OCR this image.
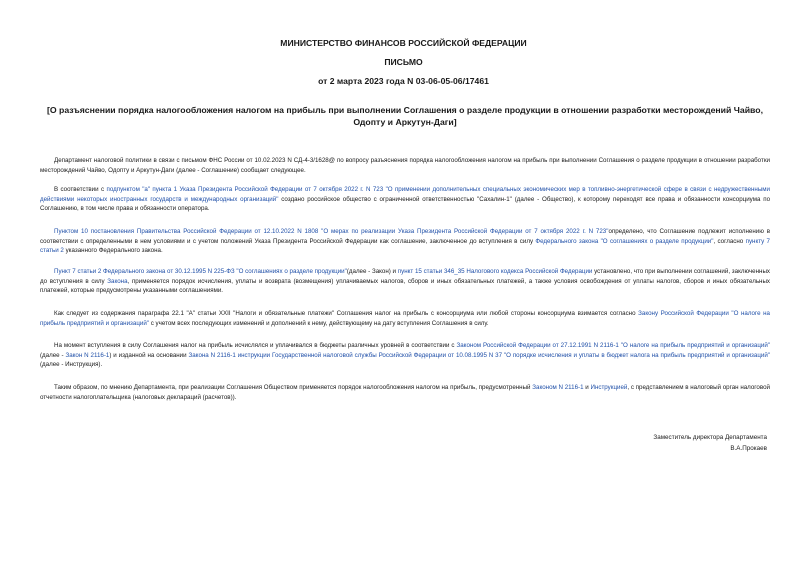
МИНИСТЕРСТВО ФИНАНСОВ РОССИЙСКОЙ ФЕДЕРАЦИИ
ПИСЬМО
от 2 марта 2023 года N 03-06-05-06/17461
[О разъяснении порядка налогообложения налогом на прибыль при выполнении Соглашения о разделе продукции в отношении разработки месторождений Чайво, Одопту и Аркутун-Даги]

Департамент налоговой политики в связи с письмом ФНС России от 10.02.2023 N СД-4-3/1628@ по вопросу разъяснения порядка налогообложения налогом на прибыль при выполнении Соглашения о разделе продукции в отношении разработки месторождений Чайво, Одопту и Аркутун-Даги (далее - Соглашение) сообщает следующее.

В соответствии с подпунктом "а" пункта 1 Указа Президента Российской Федерации от 7 октября 2022 г. N 723 "О применении дополнительных специальных экономических мер в топливно-энергетической сфере в связи с недружественными действиями некоторых иностранных государств и международных организаций" создано российское общество с ограниченной ответственностью "Сахалин-1" (далее - Общество), к которому переходят все права и обязанности консорциума по Соглашению, в том числе права и обязанности оператора.

Пунктом 10 постановления Правительства Российской Федерации от 12.10.2022 N 1808 "О мерах по реализации Указа Президента Российской Федерации от 7 октября 2022 г. N 723"определено, что Соглашение подлежит исполнению в соответствии с определенными в нем условиями и с учетом положений Указа Президента Российской Федерации как соглашение, заключенное до вступления в силу Федерального закона "О соглашениях о разделе продукции", согласно пункту 7 статьи 2 указанного Федерального закона.

Пункт 7 статьи 2 Федерального закона от 30.12.1995 N 225-ФЗ "О соглашениях о разделе продукции"(далее - Закон) и пункт 15 статьи 346_35 Налогового кодекса Российской Федерации установлено, что при выполнении соглашений, заключенных до вступления в силу Закона, применяется порядок исчисления, уплаты и возврата (возмещения) уплачиваемых налогов, сборов и иных обязательных платежей, а также условия освобождения от уплаты налогов, сборов и иных обязательных платежей, которые предусмотрены указанными соглашениями.

Как следует из содержания параграфа 22.1 "А" статьи XXII "Налоги и обязательные платежи" Соглашения налог на прибыль с консорциума или любой стороны консорциума взимается согласно Закону Российской Федерации "О налоге на прибыль предприятий и организаций" с учетом всех последующих изменений и дополнений к нему, действующему на дату вступления Соглашения в силу.

На момент вступления в силу Соглашения налог на прибыль исчислялся и уплачивался в бюджеты различных уровней в соответствии с Законом Российской Федерации от 27.12.1991 N 2116-1 "О налоге на прибыль предприятий и организаций" (далее - Закон N 2116-1) и изданной на основании Закона N 2116-1 инструкции Государственной налоговой службы Российской Федерации от 10.08.1995 N 37 "О порядке исчисления и уплаты в бюджет налога на прибыль предприятий и организаций" (далее - Инструкция).

Таким образом, по мнению Департамента, при реализации Соглашения Обществом применяется порядок налогообложения налогом на прибыль, предусмотренный Законом N 2116-1 и Инструкцией, с представлением в налоговый орган налоговой отчетности налогоплательщика (налоговых деклараций (расчетов)).

Заместитель директора Департамента
В.А.Прокаев
